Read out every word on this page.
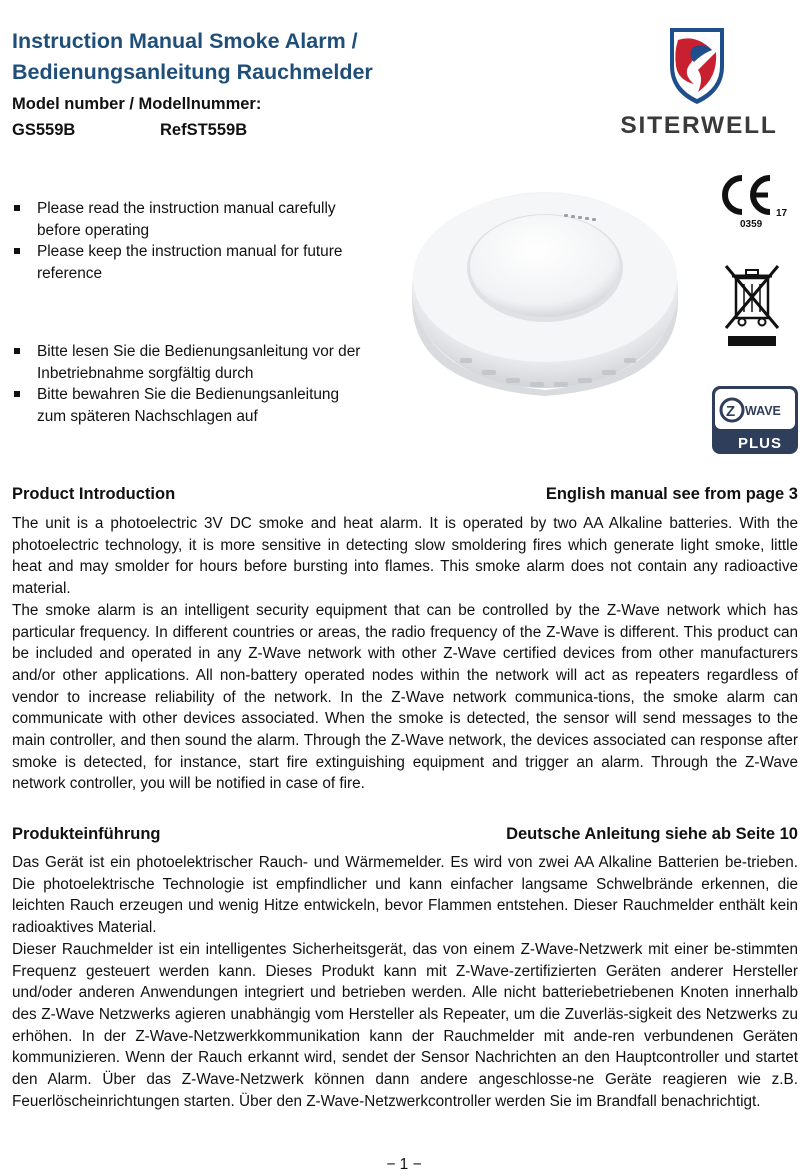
Instruction Manual Smoke Alarm /
Bedienungsanleitung Rauchmelder
Model number / Modellnummer:
GS559B	RefST559B	SITERWELL
Please read the instruction manual carefully before operating
Please keep the instruction manual for future reference
Bitte lesen Sie die Bedienungsanleitung vor der Inbetriebnahme sorgfältig durch
Bitte bewahren Sie die Bedienungsanleitung zum späteren Nachschlagen auf
0359
17
Z WAVE
PLUS
Product Introduction	English manual see from page 3

The unit is a photoelectric 3V DC smoke and heat alarm. It is operated by two AA Alkaline batteries. With the photoelectric technology, it is more sensitive in detecting slow smoldering fires which generate light smoke, little heat and may smolder for hours before bursting into flames. This smoke alarm does not contain any radioactive material.

The smoke alarm is an intelligent security equipment that can be controlled by the Z-Wave network which has particular frequency. In different countries or areas, the radio frequency of the Z-Wave is different. This product can be included and operated in any Z-Wave network with other Z-Wave certified devices from other manufacturers and/or other applications. All non-battery operated nodes within the network will act as repeaters regardless of vendor to increase reliability of the network. In the Z-Wave network communica-tions, the smoke alarm can communicate with other devices associated. When the smoke is detected, the sensor will send messages to the main controller, and then sound the alarm. Through the Z-Wave network, the devices associated can response after smoke is detected, for instance, start fire extinguishing equipment and trigger an alarm. Through the Z-Wave network controller, you will be notified in case of fire.

Produkteinführung	Deutsche Anleitung siehe ab Seite 10

Das Gerät ist ein photoelektrischer Rauch- und Wärmemelder. Es wird von zwei AA Alkaline Batterien be-trieben. Die photoelektrische Technologie ist empfindlicher und kann einfacher langsame Schwelbrände erkennen, die leichten Rauch erzeugen und wenig Hitze entwickeln, bevor Flammen entstehen. Dieser Rauchmelder enthält kein radioaktives Material.

Dieser Rauchmelder ist ein intelligentes Sicherheitsgerät, das von einem Z-Wave-Netzwerk mit einer be-stimmten Frequenz gesteuert werden kann. Dieses Produkt kann mit Z-Wave-zertifizierten Geräten anderer Hersteller und/oder anderen Anwendungen integriert und betrieben werden. Alle nicht batteriebetriebenen Knoten innerhalb des Z-Wave Netzwerks agieren unabhängig vom Hersteller als Repeater, um die Zuverläs-sigkeit des Netzwerks zu erhöhen. In der Z-Wave-Netzwerkkommunikation kann der Rauchmelder mit ande-ren verbundenen Geräten kommunizieren. Wenn der Rauch erkannt wird, sendet der Sensor Nachrichten an den Hauptcontroller und startet den Alarm. Über das Z-Wave-Netzwerk können dann andere angeschlosse-ne Geräte reagieren wie z.B. Feuerlöscheinrichtungen starten. Über den Z-Wave-Netzwerkcontroller werden Sie im Brandfall benachrichtigt.

− 1 −
